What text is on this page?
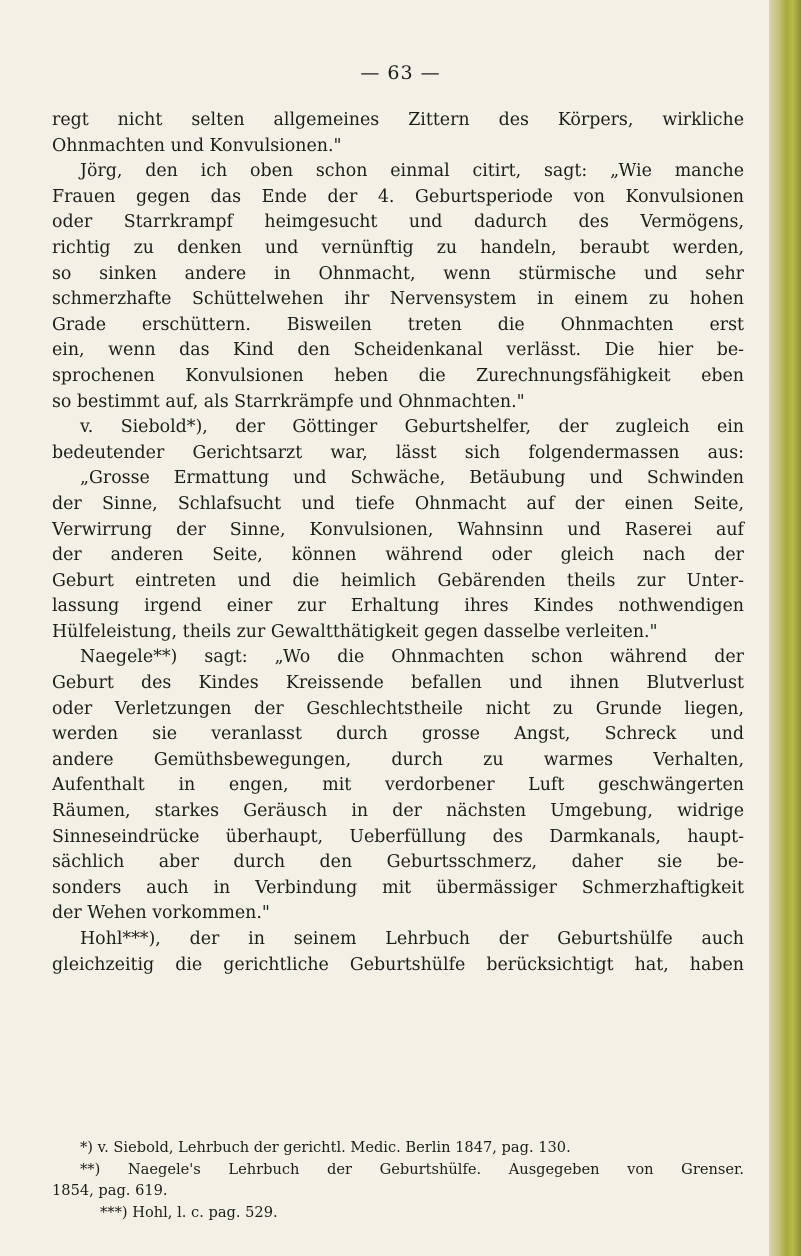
— 63 —
regt nicht selten allgemeines Zittern des Körpers, wirkliche
Ohnmachten und Konvulsionen."
Jörg, den ich oben schon einmal citirt, sagt: „Wie manche
Frauen gegen das Ende der 4. Geburtsperiode von Konvulsionen
oder Starrkrampf heimgesucht und dadurch des Vermögens,
richtig zu denken und vernünftig zu handeln, beraubt werden,
so sinken andere in Ohnmacht, wenn stürmische und sehr
schmerzhafte Schüttelwehen ihr Nervensystem in einem zu hohen
Grade erschüttern. Bisweilen treten die Ohnmachten erst
ein, wenn das Kind den Scheidenkanal verlässt. Die hier be-
sprochenen Konvulsionen heben die Zurechnungsfähigkeit eben
so bestimmt auf, als Starrkrämpfe und Ohnmachten."
v. Siebold*), der Göttinger Geburtshelfer, der zugleich ein
bedeutender Gerichtsarzt war, lässt sich folgendermassen aus:
„Grosse Ermattung und Schwäche, Betäubung und Schwinden
der Sinne, Schlafsucht und tiefe Ohnmacht auf der einen Seite,
Verwirrung der Sinne, Konvulsionen, Wahnsinn und Raserei auf
der anderen Seite, können während oder gleich nach der
Geburt eintreten und die heimlich Gebärenden theils zur Unter-
lassung irgend einer zur Erhaltung ihres Kindes nothwendigen
Hülfeleistung, theils zur Gewaltthätigkeit gegen dasselbe verleiten."
Naegele**) sagt: „Wo die Ohnmachten schon während der
Geburt des Kindes Kreissende befallen und ihnen Blutverlust
oder Verletzungen der Geschlechtstheile nicht zu Grunde liegen,
werden sie veranlasst durch grosse Angst, Schreck und
andere Gemüthsbewegungen, durch zu warmes Verhalten,
Aufenthalt in engen, mit verdorbener Luft geschwängerten
Räumen, starkes Geräusch in der nächsten Umgebung, widrige
Sinneseindrücke überhaupt, Ueberfüllung des Darmkanals, haupt-
sächlich aber durch den Geburtsschmerz, daher sie be-
sonders auch in Verbindung mit übermässiger Schmerzhaftigkeit
der Wehen vorkommen."
Hohl***), der in seinem Lehrbuch der Geburtshülfe auch
gleichzeitig die gerichtliche Geburtshülfe berücksichtigt hat, haben
*) v. Siebold, Lehrbuch der gerichtl. Medic. Berlin 1847, pag. 130.
**) Naegele's Lehrbuch der Geburtshülfe. Ausgegeben von Grenser.
1854, pag. 619.
***) Hohl, l. c. pag. 529.
